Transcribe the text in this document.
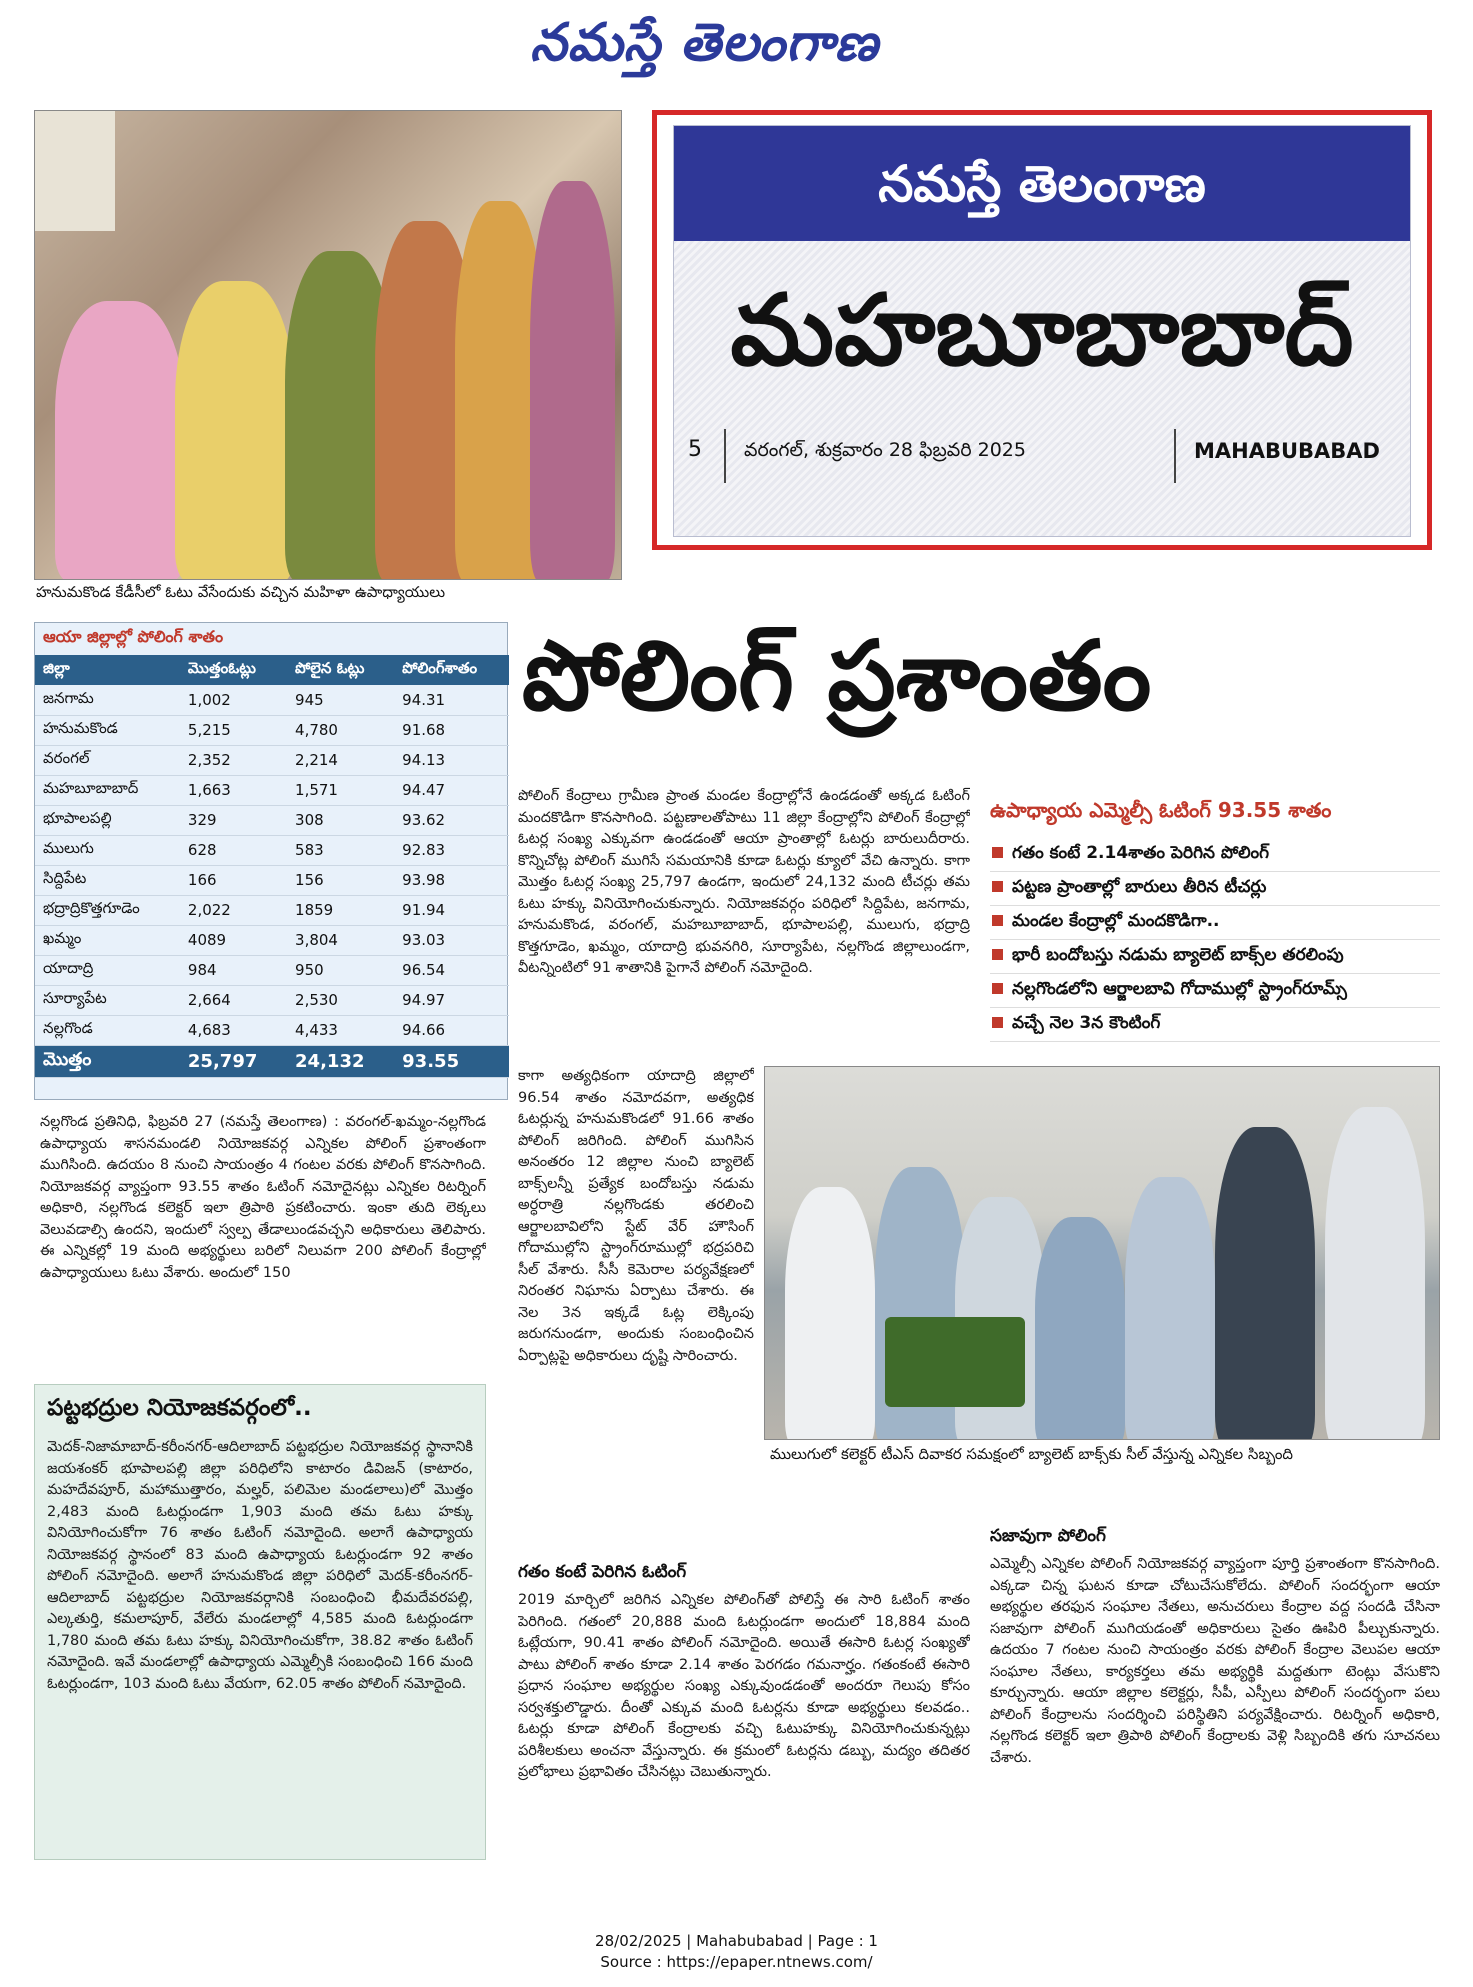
నమస్తే తెలంగాణ
హనుమకొండ కేడీసీలో ఓటు వేసేందుకు వచ్చిన మహిళా ఉపాధ్యాయులు
నమస్తే తెలంగాణ
మహబూబాబాద్
5 వరంగల్, శుక్రవారం 28 ఫిబ్రవరి 2025	MAHABUBABAD
పోలింగ్ ప్రశాంతం
ఆయా జిల్లాల్లో పోలింగ్ శాతం
జిల్లా	మొత్తంఓట్లు	పోలైన ఓట్లు	పోలింగ్‌శాతం
జనగామ	1,002	945	94.31
హనుమకొండ	5,215	4,780	91.68
వరంగల్	2,352	2,214	94.13
మహబూబాబాద్	1,663	1,571	94.47
భూపాలపల్లి	329	308	93.62
ములుగు	628	583	92.83
సిద్దిపేట	166	156	93.98
భద్రాద్రికొత్తగూడెం	2,022	1859	91.94
ఖమ్మం	4089	3,804	93.03
యాదాద్రి	984	950	96.54
సూర్యాపేట	2,664	2,530	94.97
నల్లగొండ	4,683	4,433	94.66
మొత్తం	25,797	24,132	93.55
నల్లగొండ ప్రతినిధి, ఫిబ్రవరి 27 (నమస్తే తెలంగాణ) : వరంగల్-ఖమ్మం-నల్లగొండ ఉపాధ్యాయ శాసనమండలి నియోజకవర్గ ఎన్నికల పోలింగ్ ప్రశాంతంగా ముగిసింది. ఉదయం 8 నుంచి సాయంత్రం 4 గంటల వరకు పోలింగ్ కొనసాగింది. నియోజకవర్గ వ్యాప్తంగా 93.55 శాతం ఓటింగ్ నమోదైనట్లు ఎన్నికల రిటర్నింగ్ అధికారి, నల్లగొండ కలెక్టర్ ఇలా త్రిపాఠి ప్రకటించారు. ఇంకా తుది లెక్కలు వెలువడాల్సి ఉందని, ఇందులో స్వల్ప తేడాలుండవచ్చని అధికారులు తెలిపారు. ఈ ఎన్నికల్లో 19 మంది అభ్యర్థులు బరిలో నిలువగా 200 పోలింగ్ కేంద్రాల్లో ఉపాధ్యాయులు ఓటు వేశారు. అందులో 150
పట్టభద్రుల నియోజకవర్గంలో..
మెదక్-నిజామాబాద్-కరీంనగర్-ఆదిలాబాద్ పట్టభద్రుల నియోజకవర్గ స్థానానికి జయశంకర్ భూపాలపల్లి జిల్లా పరిధిలోని కాటారం డివిజన్ (కాటారం, మహదేవపూర్, మహాముత్తారం, మల్హర్, పలిమెల మండలాలు)లో మొత్తం 2,483 మంది ఓటర్లుండగా 1,903 మంది తమ ఓటు హక్కు వినియోగించుకోగా 76 శాతం ఓటింగ్ నమోదైంది. అలాగే ఉపాధ్యాయ నియోజకవర్గ స్థానంలో 83 మంది ఉపాధ్యాయ ఓటర్లుండగా 92 శాతం పోలింగ్ నమోదైంది. అలాగే హనుమకొండ జిల్లా పరిధిలో మెదక్-కరీంనగర్-ఆదిలాబాద్ పట్టభద్రుల నియోజకవర్గానికి సంబంధించి భీమదేవరపల్లి, ఎల్కతుర్తి, కమలాపూర్, వేలేరు మండలాల్లో 4,585 మంది ఓటర్లుండగా 1,780 మంది తమ ఓటు హక్కు వినియోగించుకోగా, 38.82 శాతం ఓటింగ్ నమోదైంది. ఇవే మండలాల్లో ఉపాధ్యాయ ఎమ్మెల్సీకి సంబంధించి 166 మంది ఓటర్లుండగా, 103 మంది ఓటు వేయగా, 62.05 శాతం పోలింగ్ నమోదైంది.
పోలింగ్ కేంద్రాలు గ్రామీణ ప్రాంత మండల కేంద్రాల్లోనే ఉండడంతో అక్కడ ఓటింగ్ మందకొడిగా కొనసాగింది. పట్టణాలతోపాటు 11 జిల్లా కేంద్రాల్లోని పోలింగ్ కేంద్రాల్లో ఓటర్ల సంఖ్య ఎక్కువగా ఉండడంతో ఆయా ప్రాంతాల్లో ఓటర్లు బారులుదీరారు. కొన్నిచోట్ల పోలింగ్ ముగిసే సమయానికి కూడా ఓటర్లు క్యూలో వేచి ఉన్నారు. కాగా మొత్తం ఓటర్ల సంఖ్య 25,797 ఉండగా, ఇందులో 24,132 మంది టీచర్లు తమ ఓటు హక్కు వినియోగించుకున్నారు. నియోజకవర్గం పరిధిలో సిద్దిపేట, జనగామ, హనుమకొండ, వరంగల్, మహబూబాబాద్, భూపాలపల్లి, ములుగు, భద్రాద్రి కొత్తగూడెం, ఖమ్మం, యాదాద్రి భువనగిరి, సూర్యాపేట, నల్లగొండ జిల్లాలుండగా, వీటన్నింటిలో 91 శాతానికి పైగానే పోలింగ్ నమోదైంది.
ఉపాధ్యాయ ఎమ్మెల్సీ ఓటింగ్ 93.55 శాతం
గతం కంటే 2.14శాతం పెరిగిన పోలింగ్
పట్టణ ప్రాంతాల్లో బారులు తీరిన టీచర్లు
మండల కేంద్రాల్లో మందకొడిగా..
భారీ బందోబస్తు నడుమ బ్యాలెట్ బాక్స్‌ల తరలింపు
నల్లగొండలోని ఆర్జాలబావి గోదాముల్లో స్ట్రాంగ్‌రూమ్స్
వచ్చే నెల 3న కౌంటింగ్
కాగా అత్యధికంగా యాదాద్రి జిల్లాలో 96.54 శాతం నమోదవగా, అత్యధిక ఓటర్లున్న హనుమకొండలో 91.66 శాతం పోలింగ్ జరిగింది. పోలింగ్ ముగిసిన అనంతరం 12 జిల్లాల నుంచి బ్యాలెట్ బాక్స్‌లన్నీ ప్రత్యేక బందోబస్తు నడుమ అర్ధరాత్రి నల్లగొండకు తరలించి ఆర్జాలబావిలోని స్టేట్ వేర్ హౌసింగ్ గోదాముల్లోని స్ట్రాంగ్‌రూముల్లో భద్రపరిచి సీల్ వేశారు. సీసీ కెమెరాల పర్యవేక్షణలో నిరంతర నిఘాను ఏర్పాటు చేశారు. ఈ నెల 3న ఇక్కడే ఓట్ల లెక్కింపు జరుగనుండగా, అందుకు సంబంధించిన ఏర్పాట్లపై అధికారులు దృష్టి సారించారు.
ములుగులో కలెక్టర్ టీఎస్ దివాకర సమక్షంలో బ్యాలెట్ బాక్స్‌కు సీల్ వేస్తున్న ఎన్నికల సిబ్బంది
గతం కంటే పెరిగిన ఓటింగ్
2019 మార్చిలో జరిగిన ఎన్నికల పోలింగ్‌తో పోలిస్తే ఈ సారి ఓటింగ్ శాతం పెరిగింది. గతంలో 20,888 మంది ఓటర్లుండగా అందులో 18,884 మంది ఓట్లేయగా, 90.41 శాతం పోలింగ్ నమోదైంది. అయితే ఈసారి ఓటర్ల సంఖ్యతో పాటు పోలింగ్ శాతం కూడా 2.14 శాతం పెరగడం గమనార్హం. గతంకంటే ఈసారి ప్రధాన సంఘాల అభ్యర్థుల సంఖ్య ఎక్కువుండడంతో అందరూ గెలుపు కోసం సర్వశక్తులొడ్డారు. దీంతో ఎక్కువ మంది ఓటర్లను కూడా అభ్యర్థులు కలవడం.. ఓటర్లు కూడా పోలింగ్ కేంద్రాలకు వచ్చి ఓటుహక్కు వినియోగించుకున్నట్లు పరిశీలకులు అంచనా వేస్తున్నారు. ఈ క్రమంలో ఓటర్లను డబ్బు, మద్యం తదితర ప్రలోభాలు ప్రభావితం చేసినట్లు చెబుతున్నారు.
సజావుగా పోలింగ్
ఎమ్మెల్సీ ఎన్నికల పోలింగ్ నియోజకవర్గ వ్యాప్తంగా పూర్తి ప్రశాంతంగా కొనసాగింది. ఎక్కడా చిన్న ఘటన కూడా చోటుచేసుకోలేదు. పోలింగ్ సందర్భంగా ఆయా అభ్యర్థుల తరఫున సంఘాల నేతలు, అనుచరులు కేంద్రాల వద్ద సందడి చేసినా సజావుగా పోలింగ్ ముగియడంతో అధికారులు సైతం ఊపిరి పీల్చుకున్నారు. ఉదయం 7 గంటల నుంచి సాయంత్రం వరకు పోలింగ్ కేంద్రాల వెలుపల ఆయా సంఘాల నేతలు, కార్యకర్తలు తమ అభ్యర్థికి మద్దతుగా టెంట్లు వేసుకొని కూర్చున్నారు. ఆయా జిల్లాల కలెక్టర్లు, సీపీ, ఎస్పీలు పోలింగ్ సందర్భంగా పలు పోలింగ్ కేంద్రాలను సందర్శించి పరిస్థితిని పర్యవేక్షించారు. రిటర్నింగ్ అధికారి, నల్లగొండ కలెక్టర్ ఇలా త్రిపాఠి పోలింగ్ కేంద్రాలకు వెళ్లి సిబ్బందికి తగు సూచనలు చేశారు.
28/02/2025 | Mahabubabad | Page : 1
Source : https://epaper.ntnews.com/
